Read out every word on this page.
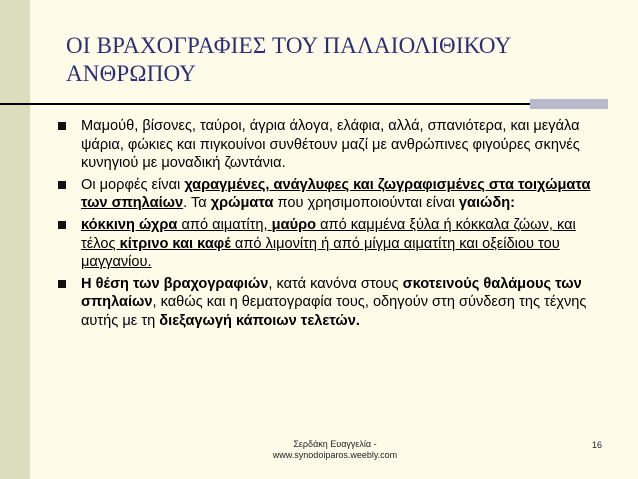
ΟΙ ΒΡΑΧΟΓΡΑΦΙΕΣ ΤΟΥ ΠΑΛΑΙΟΛΙΘΙΚΟΥ
ΑΝΘΡΩΠΟΥ
Μαμούθ, βίσονες, ταύροι, άγρια άλογα, ελάφια, αλλά, σπανιότερα, και μεγάλα ψάρια, φώκιες και πιγκουίνοι συνθέτουν μαζί με ανθρώπινες φιγούρες σκηνές κυνηγιού με μοναδική ζωντάνια.
Οι μορφές είναι χαραγμένες, ανάγλυφες και ζωγραφισμένες στα τοιχώματα των σπηλαίων. Τα χρώματα που χρησιμοποιούνται είναι γαιώδη:
κόκκινη ώχρα από αιματίτη, μαύρο από καμμένα ξύλα ή κόκκαλα ζώων, και τέλος κίτρινο και καφέ από λιμονίτη ή από μίγμα αιματίτη και οξείδιου του μαγγανίου.
Η θέση των βραχογραφιών, κατά κανόνα στους σκοτεινούς θαλάμους των σπηλαίων, καθώς και η θεματογραφία τους, οδηγούν στη σύνδεση της τέχνης αυτής με τη διεξαγωγή κάποιων τελετών.
Σερδάκη Ευαγγελία -
www.synodoiparos.weebly.com
16
